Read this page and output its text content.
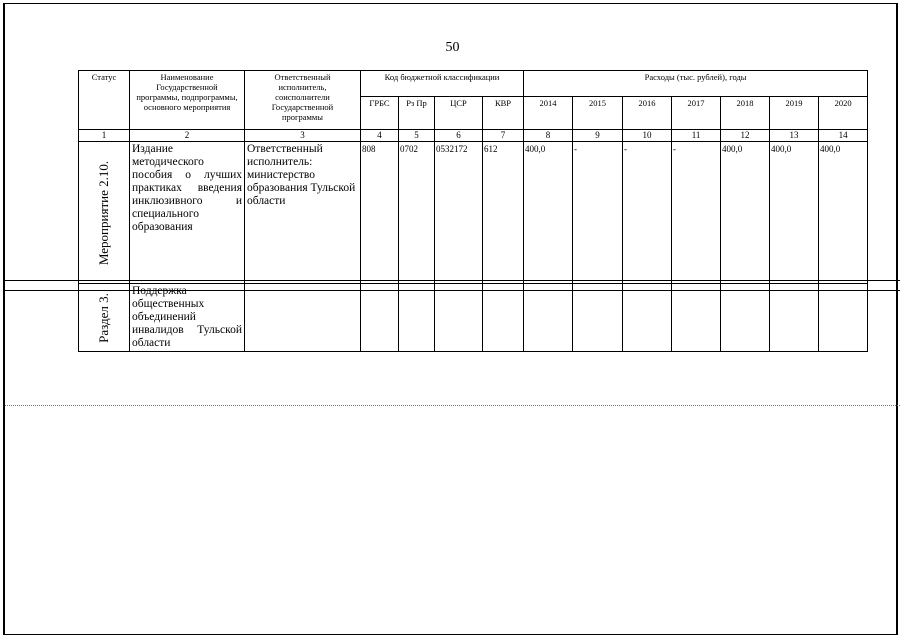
50
Статус	Наименование Государственной программы, подпрограммы, основного мероприятия	Ответственный исполнитель, соисполнители Государственной программы	Код бюджетной классификации				Расходы (тыс. рублей), годы						
			ГРБС	Рз Пр	ЦСР	КВР	2014	2015	2016	2017	2018	2019	2020
1	2	3	4	5	6	7	8	9	10	11	12	13	14

Мероприятие 2.10.	Издание методического пособия о лучших практиках введения инклюзивного и специального образования	Ответственный исполнитель: министерство образования Тульской области	808	0702	0532172	612	400,0	-	-	-	400,0	400,0	400,0

Раздел 3.	Поддержка общественных объединений инвалидов Тульской области												
